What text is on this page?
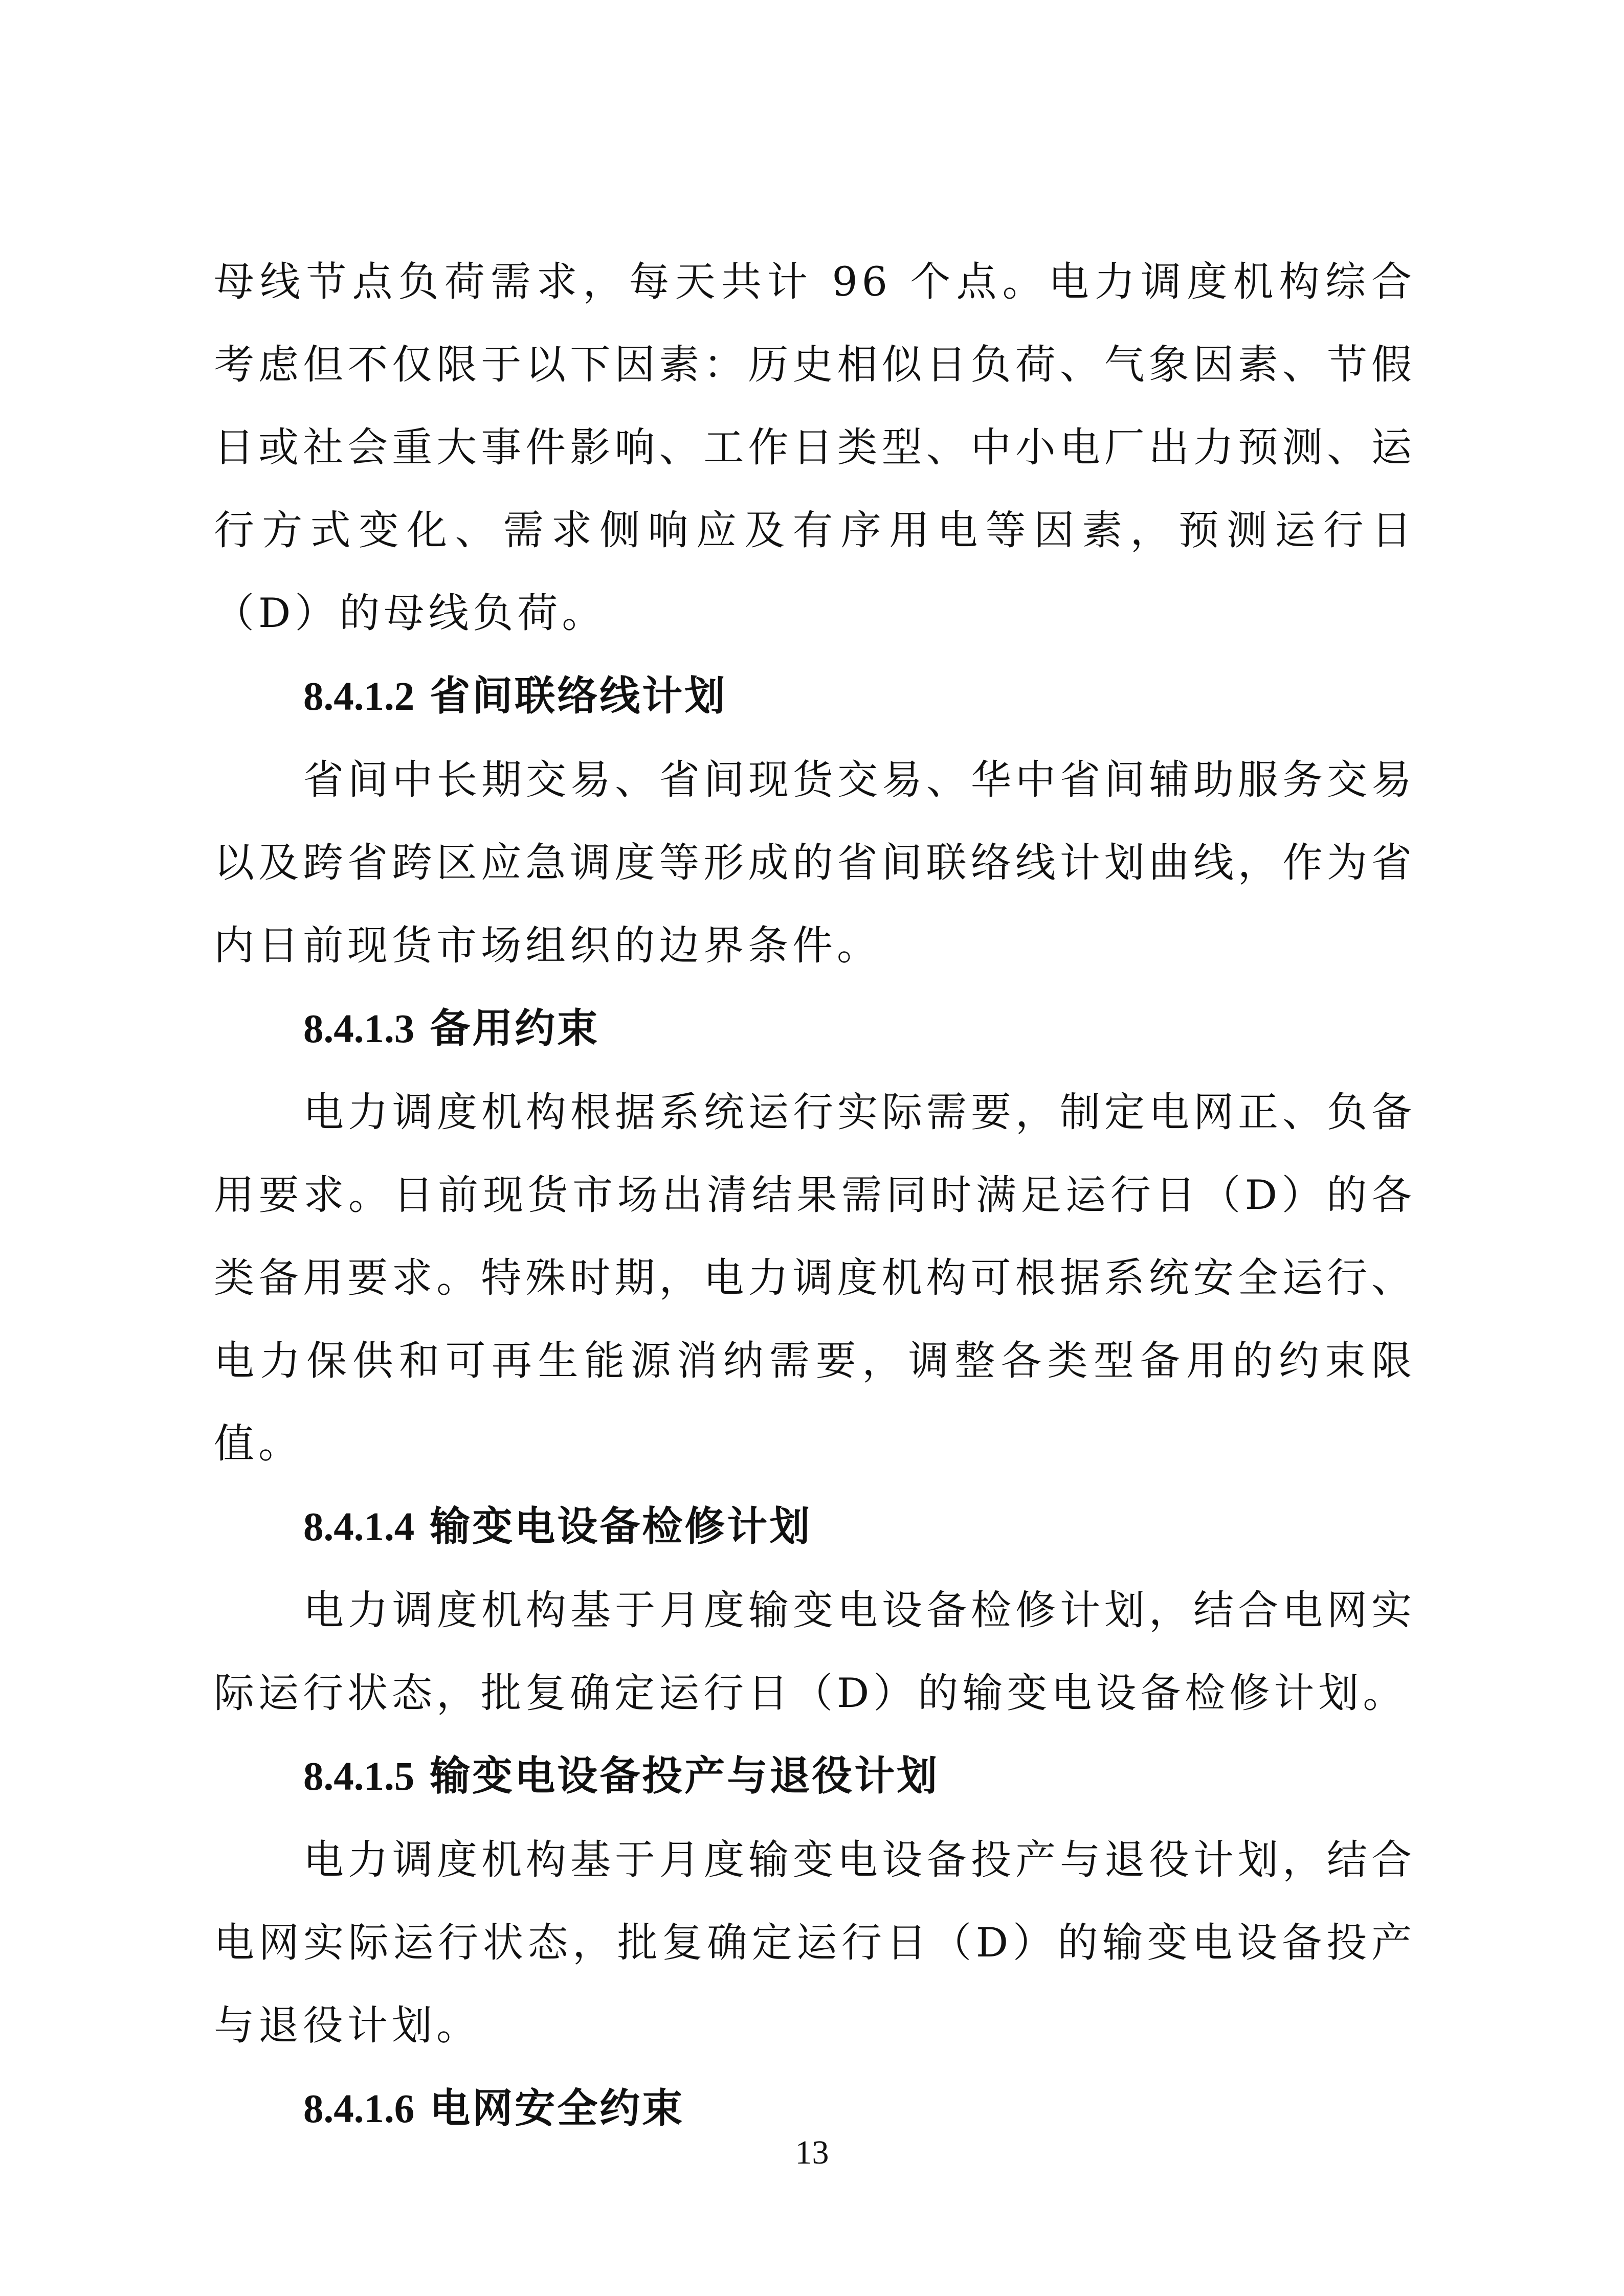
母线节点负荷需求，每天共计 96 个点。电力调度机构综合考虑但不仅限于以下因素：历史相似日负荷、气象因素、节假日或社会重大事件影响、工作日类型、中小电厂出力预测、运行方式变化、需求侧响应及有序用电等因素，预测运行日（D）的母线负荷。

8.4.1.2 省间联络线计划

省间中长期交易、省间现货交易、华中省间辅助服务交易以及跨省跨区应急调度等形成的省间联络线计划曲线，作为省内日前现货市场组织的边界条件。

8.4.1.3 备用约束

电力调度机构根据系统运行实际需要，制定电网正、负备用要求。日前现货市场出清结果需同时满足运行日（D）的各类备用要求。特殊时期，电力调度机构可根据系统安全运行、电力保供和可再生能源消纳需要，调整各类型备用的约束限值。

8.4.1.4 输变电设备检修计划

电力调度机构基于月度输变电设备检修计划，结合电网实际运行状态，批复确定运行日（D）的输变电设备检修计划。

8.4.1.5 输变电设备投产与退役计划

电力调度机构基于月度输变电设备投产与退役计划，结合电网实际运行状态，批复确定运行日（D）的输变电设备投产与退役计划。

8.4.1.6 电网安全约束
13
